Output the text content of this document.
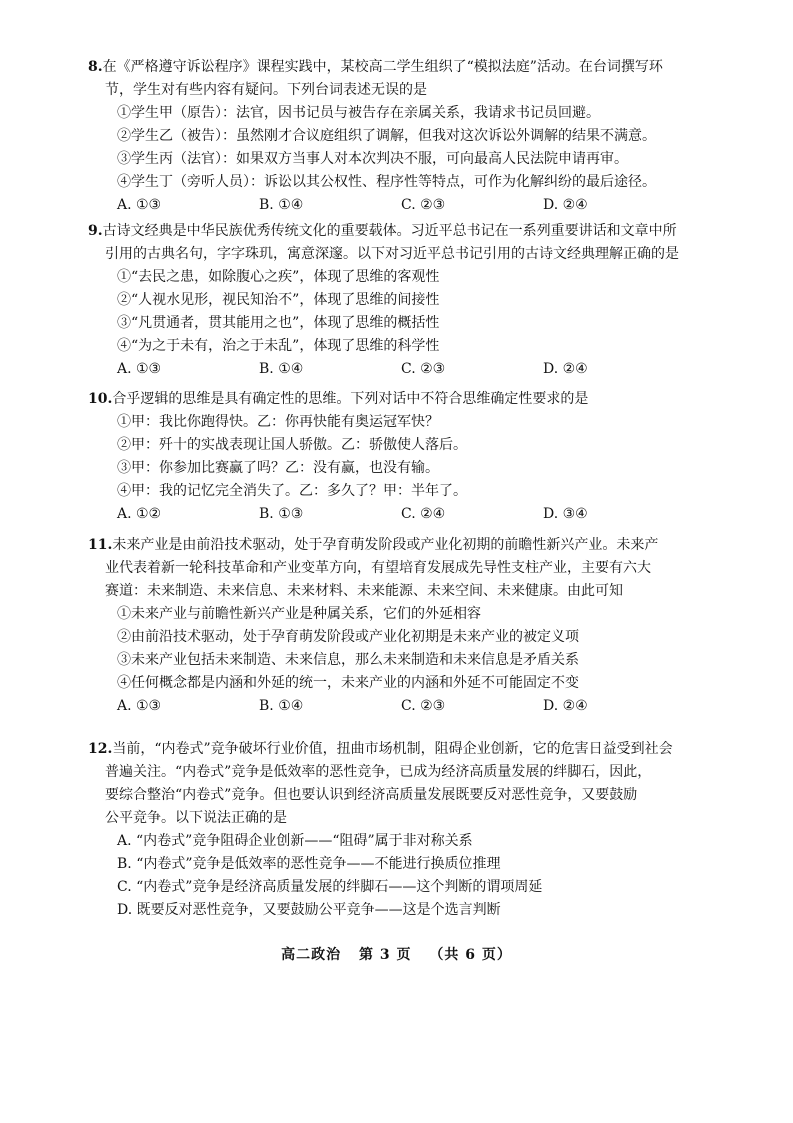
8.在《严格遵守诉讼程序》课程实践中，某校高二学生组织了“模拟法庭”活动。在台词撰写环
节，学生对有些内容有疑问。下列台词表述无误的是

①学生甲（原告）：法官，因书记员与被告存在亲属关系，我请求书记员回避。
②学生乙（被告）：虽然刚才合议庭组织了调解，但我对这次诉讼外调解的结果不满意。
③学生丙（法官）：如果双方当事人对本次判决不服，可向最高人民法院申请再审。
④学生丁（旁听人员）：诉讼以其公权性、程序性等特点，可作为化解纠纷的最后途径。
A. ①③	B. ①④	C. ②③	D. ②④

9.古诗文经典是中华民族优秀传统文化的重要载体。习近平总书记在一系列重要讲话和文章中所
引用的古典名句，字字珠玑，寓意深邃。以下对习近平总书记引用的古诗文经典理解正确的是

①“去民之患，如除腹心之疾”，体现了思维的客观性
②“人视水见形，视民知治不”，体现了思维的间接性
③“凡贯通者，贯其能用之也”，体现了思维的概括性
④“为之于未有，治之于未乱”，体现了思维的科学性
A. ①③	B. ①④	C. ②③	D. ②④

10.合乎逻辑的思维是具有确定性的思维。下列对话中不符合思维确定性要求的是

①甲：我比你跑得快。乙：你再快能有奥运冠军快？
②甲：歼十的实战表现让国人骄傲。乙：骄傲使人落后。
③甲：你参加比赛赢了吗？乙：没有赢，也没有输。
④甲：我的记忆完全消失了。乙：多久了？甲：半年了。
A. ①②	B. ①③	C. ②④	D. ③④

11.未来产业是由前沿技术驱动，处于孕育萌发阶段或产业化初期的前瞻性新兴产业。未来产
业代表着新一轮科技革命和产业变革方向，有望培育发展成先导性支柱产业，主要有六大
赛道：未来制造、未来信息、未来材料、未来能源、未来空间、未来健康。由此可知

①未来产业与前瞻性新兴产业是种属关系，它们的外延相容
②由前沿技术驱动，处于孕育萌发阶段或产业化初期是未来产业的被定义项
③未来产业包括未来制造、未来信息，那么未来制造和未来信息是矛盾关系
④任何概念都是内涵和外延的统一，未来产业的内涵和外延不可能固定不变
A. ①③	B. ①④	C. ②③	D. ②④

12.当前，“内卷式”竞争破坏行业价值，扭曲市场机制，阻碍企业创新，它的危害日益受到社会
普遍关注。“内卷式”竞争是低效率的恶性竞争，已成为经济高质量发展的绊脚石，因此，
要综合整治“内卷式”竞争。但也要认识到经济高质量发展既要反对恶性竞争，又要鼓励
公平竞争。以下说法正确的是

A. “内卷式”竞争阻碍企业创新——“阻碍”属于非对称关系
B. “内卷式”竞争是低效率的恶性竞争——不能进行换质位推理
C. “内卷式”竞争是经济高质量发展的绊脚石——这个判断的谓项周延
D. 既要反对恶性竞争，又要鼓励公平竞争——这是个选言判断
高二政治 第 3 页 （共 6 页）
